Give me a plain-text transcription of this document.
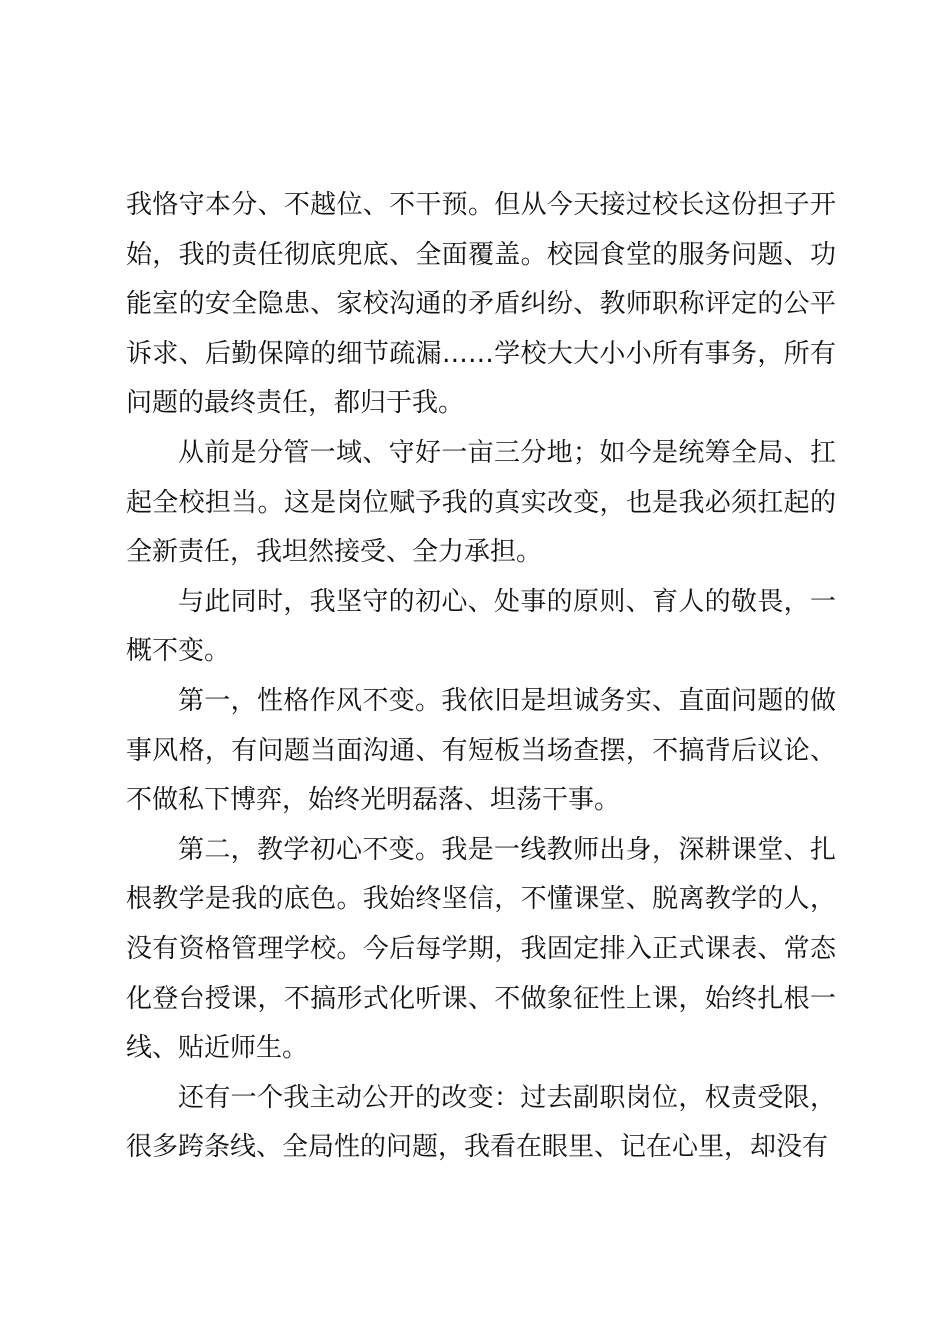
我恪守本分、不越位、不干预。但从今天接过校长这份担子开始，我的责任彻底兜底、全面覆盖。校园食堂的服务问题、功能室的安全隐患、家校沟通的矛盾纠纷、教师职称评定的公平诉求、后勤保障的细节疏漏……学校大大小小所有事务，所有问题的最终责任，都归于我。

从前是分管一域、守好一亩三分地；如今是统筹全局、扛起全校担当。这是岗位赋予我的真实改变，也是我必须扛起的全新责任，我坦然接受、全力承担。

与此同时，我坚守的初心、处事的原则、育人的敬畏，一概不变。

第一，性格作风不变。我依旧是坦诚务实、直面问题的做事风格，有问题当面沟通、有短板当场查摆，不搞背后议论、不做私下博弈，始终光明磊落、坦荡干事。

第二，教学初心不变。我是一线教师出身，深耕课堂、扎根教学是我的底色。我始终坚信，不懂课堂、脱离教学的人，没有资格管理学校。今后每学期，我固定排入正式课表、常态化登台授课，不搞形式化听课、不做象征性上课，始终扎根一线、贴近师生。

还有一个我主动公开的改变：过去副职岗位，权责受限，很多跨条线、全局性的问题，我看在眼里、记在心里，却没有
